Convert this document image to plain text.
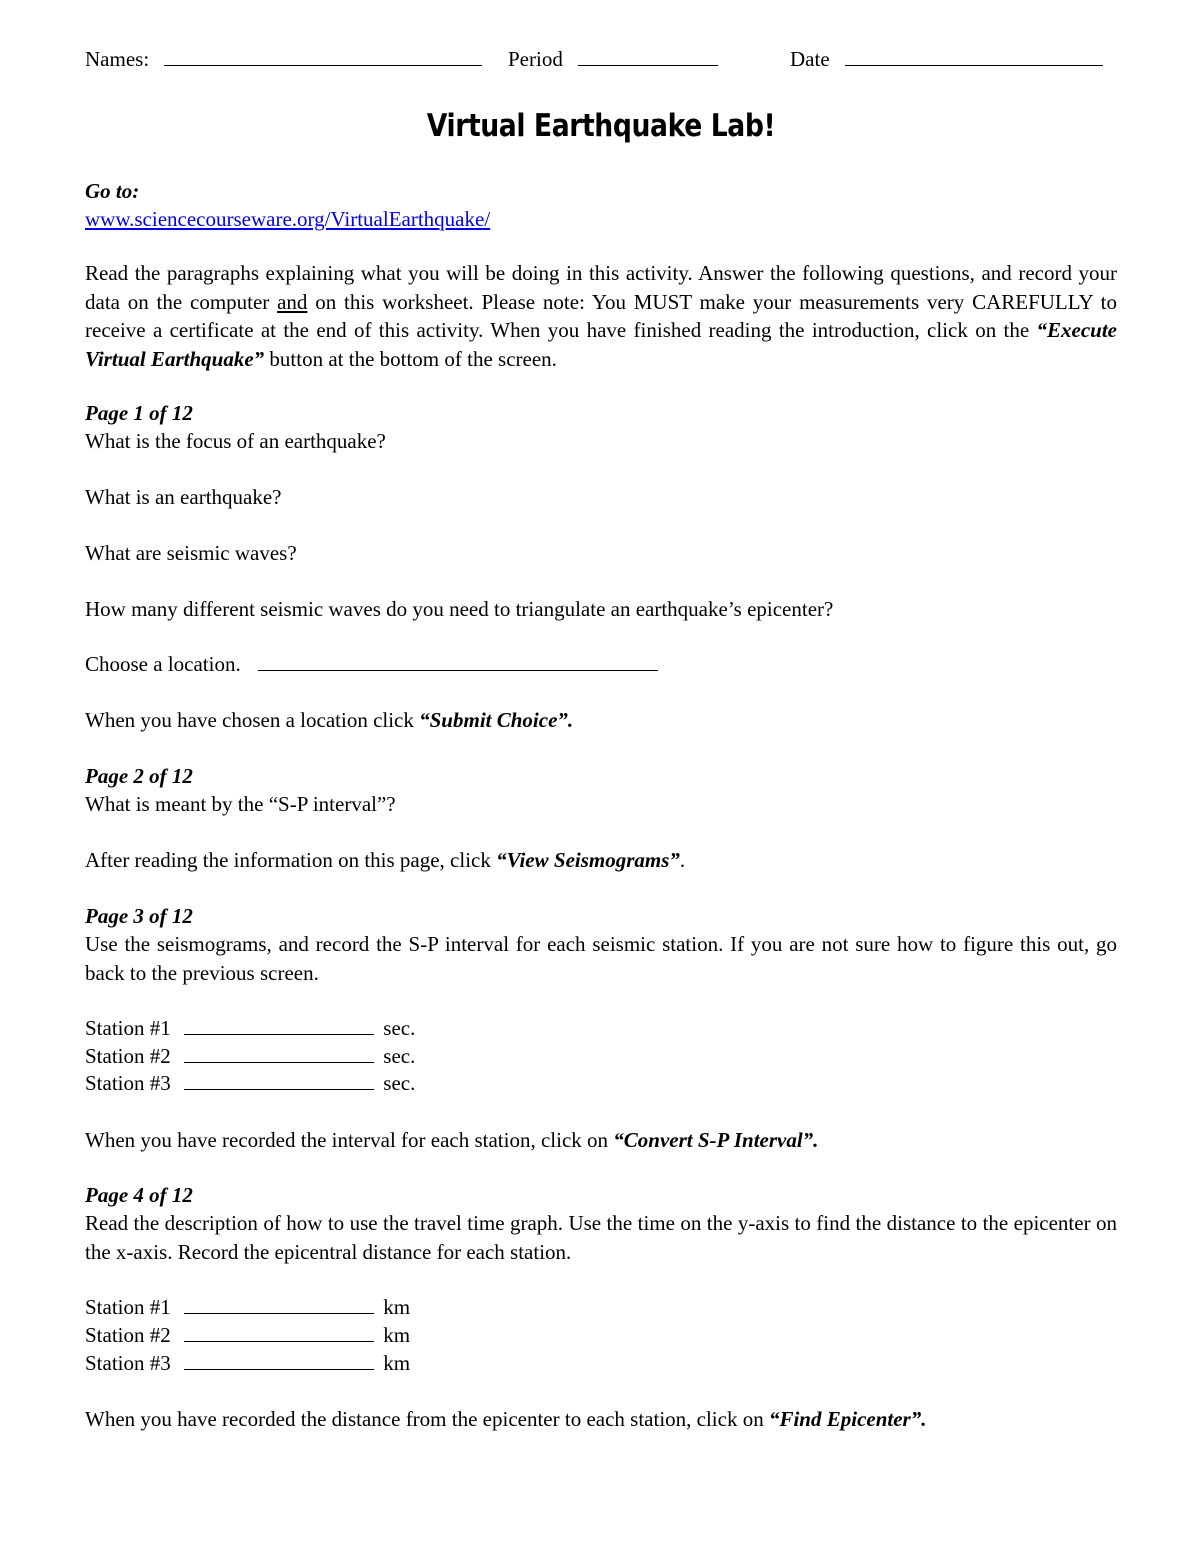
Names:	Period	Date
Virtual Earthquake Lab!
Go to:
www.sciencecourseware.org/VirtualEarthquake/
Read the paragraphs explaining what you will be doing in this activity. Answer the following questions, and record your data on the computer and on this worksheet. Please note: You MUST make your measurements very CAREFULLY to receive a certificate at the end of this activity. When you have finished reading the introduction, click on the “Execute Virtual Earthquake” button at the bottom of the screen.
Page 1 of 12
What is the focus of an earthquake?
What is an earthquake?
What are seismic waves?
How many different seismic waves do you need to triangulate an earthquake’s epicenter?
Choose a location.
When you have chosen a location click “Submit Choice”.
Page 2 of 12
What is meant by the “S-P interval”?
After reading the information on this page, click “View Seismograms”.
Page 3 of 12
Use the seismograms, and record the S-P interval for each seismic station. If you are not sure how to figure this out, go back to the previous screen.
Station #1	sec.
Station #2	sec.
Station #3	sec.
When you have recorded the interval for each station, click on “Convert S-P Interval”.
Page 4 of 12
Read the description of how to use the travel time graph. Use the time on the y-axis to find the distance to the epicenter on the x-axis. Record the epicentral distance for each station.
Station #1	km
Station #2	km
Station #3	km
When you have recorded the distance from the epicenter to each station, click on “Find Epicenter”.
